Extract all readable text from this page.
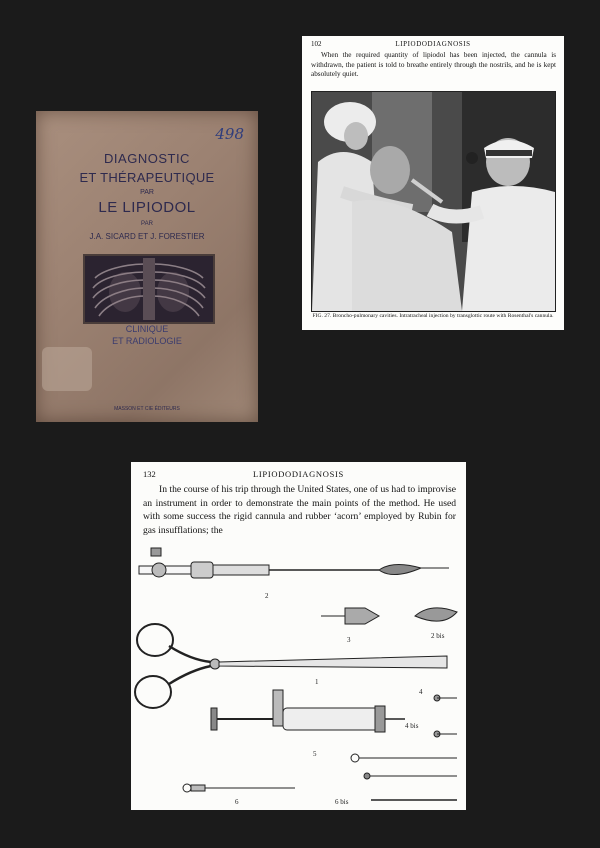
498
DIAGNOSTIC
ET THÉRAPEUTIQUE
PAR
LE LIPIODOL
PAR
J.A. SICARD ET J. FORESTIER
CLINIQUE
ET RADIOLOGIE
MASSON ET CIE ÉDITEURS
102	LIPIODODIAGNOSIS
When the required quantity of lipiodol has been injected, the cannula is withdrawn, the patient is told to breathe entirely through the nostrils, and he is kept absolutely quiet.
FIG. 27. Broncho-pulmonary cavities. Intratracheal injection by transglottic route with Rosenthal's cannula.
132	LIPIODODIAGNOSIS
In the course of his trip through the United States, one of us had to improvise an instrument in order to demonstrate the main points of the method. He used with some success the rigid cannula and rubber ‘acorn’ employed by Rubin for gas insufflations; the
2
3	2 bis
1
4
4 bis
5
6	6 bis
